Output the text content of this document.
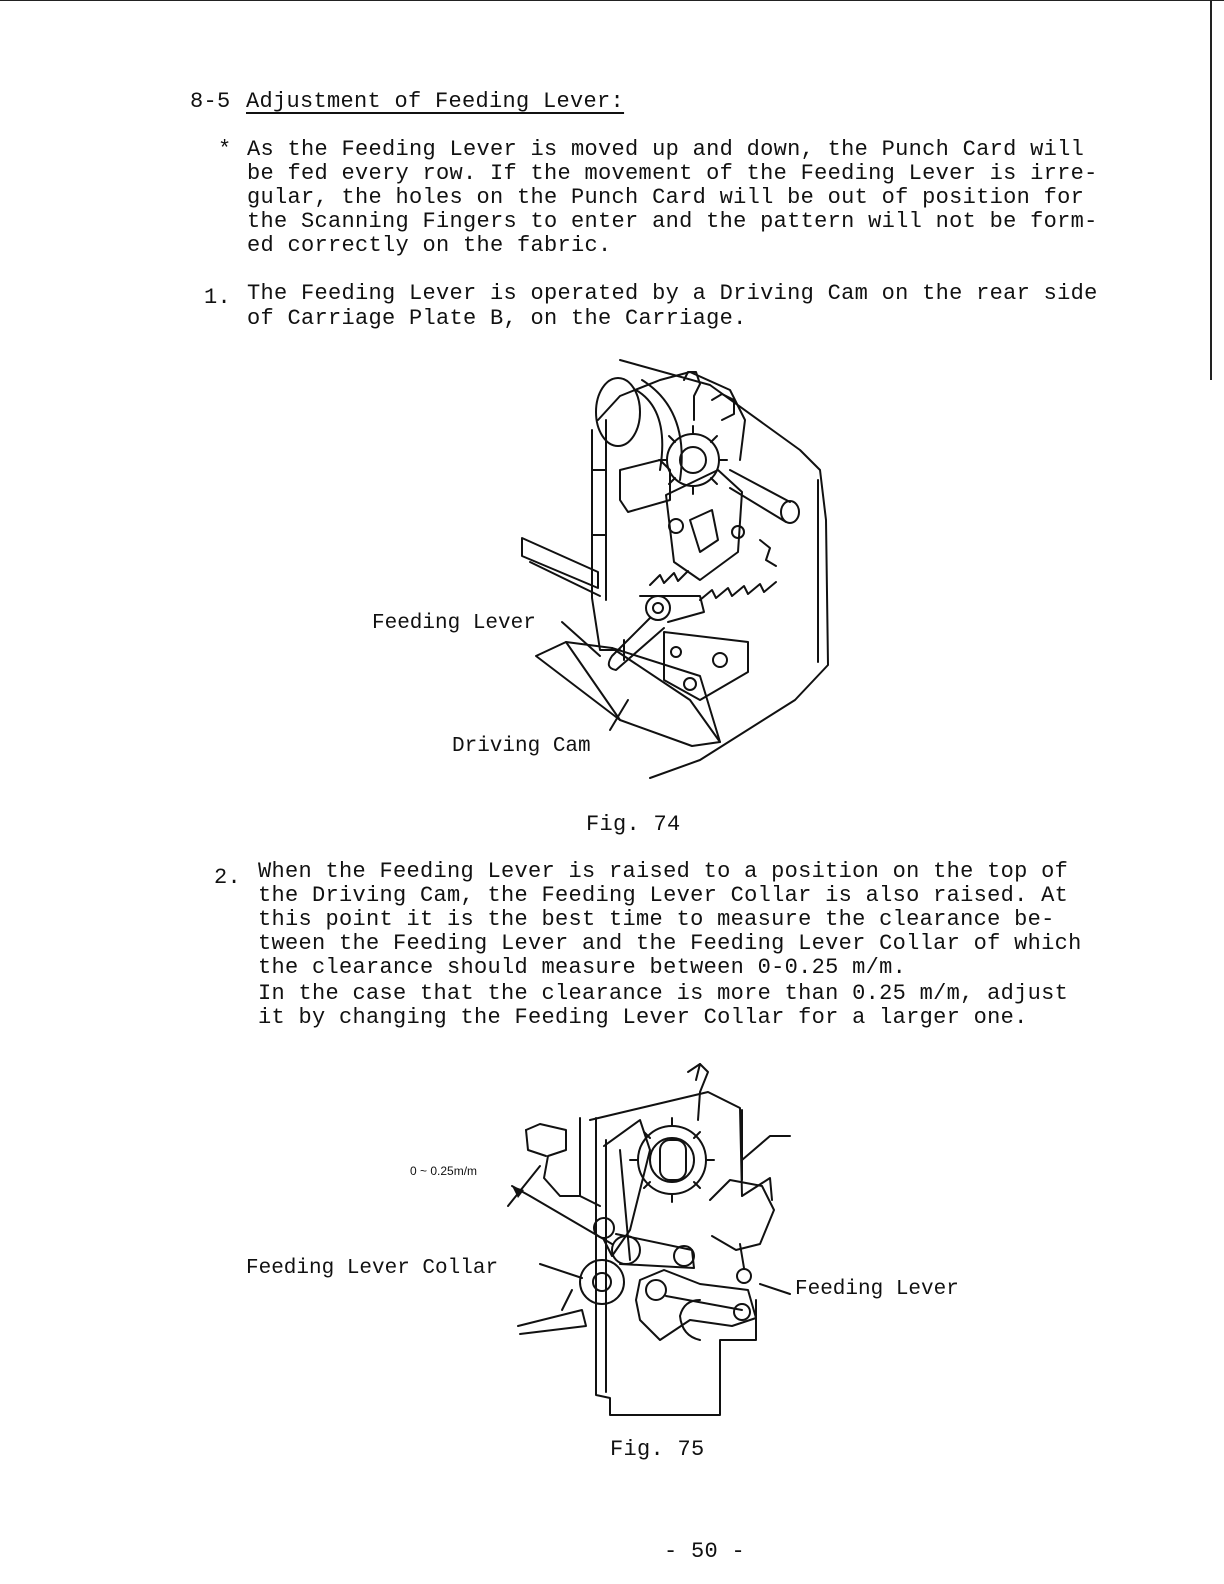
8-5 Adjustment of Feeding Lever:
* As the Feeding Lever is moved up and down, the Punch Card will
be fed every row. If the movement of the Feeding Lever is irre-
gular, the holes on the Punch Card will be out of position for
the Scanning Fingers to enter and the pattern will not be form-
ed correctly on the fabric.
1. The Feeding Lever is operated by a Driving Cam on the rear side
of Carriage Plate B, on the Carriage.
Feeding Lever
Driving Cam
Fig. 74
2. When the Feeding Lever is raised to a position on the top of
the Driving Cam, the Feeding Lever Collar is also raised. At
this point it is the best time to measure the clearance be-
tween the Feeding Lever and the Feeding Lever Collar of which
the clearance should measure between 0-0.25 m/m.
In the case that the clearance is more than 0.25 m/m, adjust
it by changing the Feeding Lever Collar for a larger one.
0 ~ 0.25m/m
Feeding Lever Collar
Feeding Lever
Fig. 75
- 50 -
